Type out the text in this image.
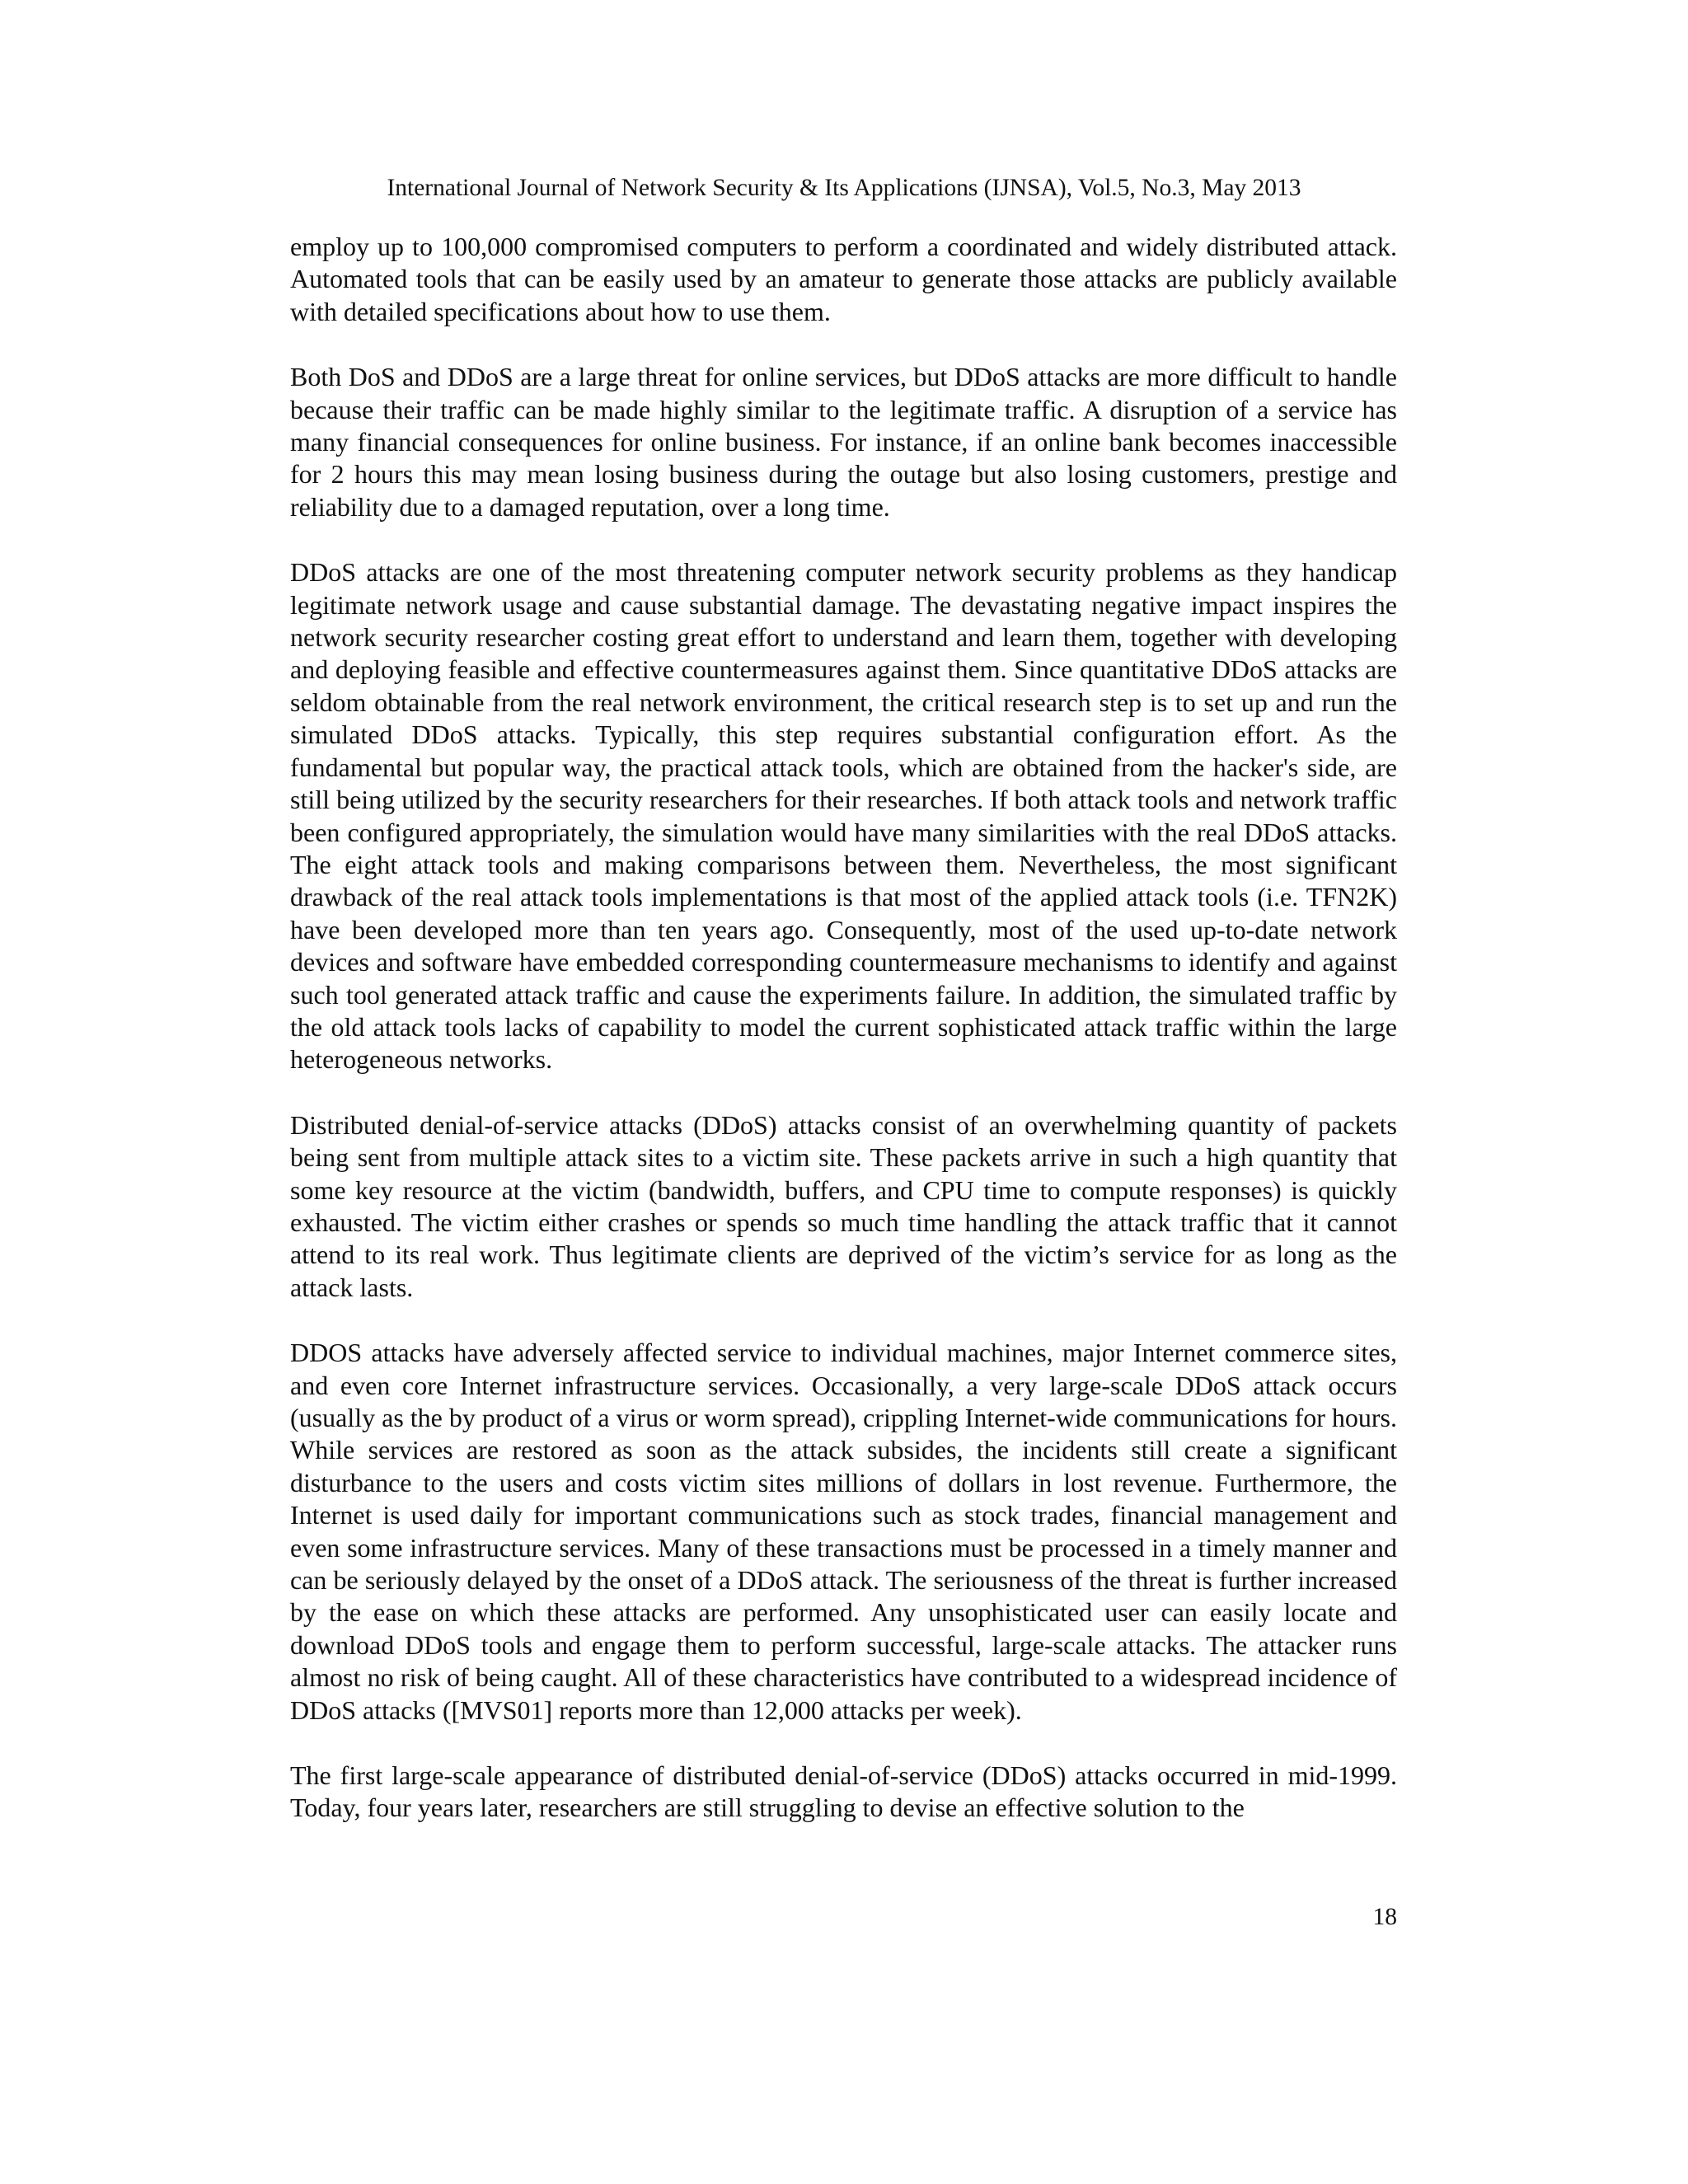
International Journal of Network Security & Its Applications (IJNSA), Vol.5, No.3, May 2013

employ up to 100,000 compromised computers to perform a coordinated and widely distributed attack. Automated tools that can be easily used by an amateur to generate those attacks are publicly available with detailed specifications about how to use them.

Both DoS and DDoS are a large threat for online services, but DDoS attacks are more difficult to handle because their traffic can be made highly similar to the legitimate traffic. A disruption of a service has many financial consequences for online business. For instance, if an online bank becomes inaccessible for 2 hours this may mean losing business during the outage but also losing customers, prestige and reliability due to a damaged reputation, over a long time.

DDoS attacks are one of the most threatening computer network security problems as they handicap legitimate network usage and cause substantial damage. The devastating negative impact inspires the network security researcher costing great effort to understand and learn them, together with developing and deploying feasible and effective countermeasures against them. Since quantitative DDoS attacks are seldom obtainable from the real network environment, the critical research step is to set up and run the simulated DDoS attacks. Typically, this step requires substantial configuration effort. As the fundamental but popular way, the practical attack tools, which are obtained from the hacker's side, are still being utilized by the security researchers for their researches. If both attack tools and network traffic been configured appropriately, the simulation would have many similarities with the real DDoS attacks. The eight attack tools and making comparisons between them. Nevertheless, the most significant drawback of the real attack tools implementations is that most of the applied attack tools (i.e. TFN2K) have been developed more than ten years ago. Consequently, most of the used up-to-date network devices and software have embedded corresponding countermeasure mechanisms to identify and against such tool generated attack traffic and cause the experiments failure. In addition, the simulated traffic by the old attack tools lacks of capability to model the current sophisticated attack traffic within the large heterogeneous networks.

Distributed denial-of-service attacks (DDoS) attacks consist of an overwhelming quantity of packets being sent from multiple attack sites to a victim site. These packets arrive in such a high quantity that some key resource at the victim (bandwidth, buffers, and CPU time to compute responses) is quickly exhausted. The victim either crashes or spends so much time handling the attack traffic that it cannot attend to its real work. Thus legitimate clients are deprived of the victim’s service for as long as the attack lasts.

DDOS attacks have adversely affected service to individual machines, major Internet commerce sites, and even core Internet infrastructure services. Occasionally, a very large-scale DDoS attack occurs (usually as the by product of a virus or worm spread), crippling Internet-wide communications for hours. While services are restored as soon as the attack subsides, the incidents still create a significant disturbance to the users and costs victim sites millions of dollars in lost revenue. Furthermore, the Internet is used daily for important communications such as stock trades, financial management and even some infrastructure services. Many of these transactions must be processed in a timely manner and can be seriously delayed by the onset of a DDoS attack. The seriousness of the threat is further increased by the ease on which these attacks are performed. Any unsophisticated user can easily locate and download DDoS tools and engage them to perform successful, large-scale attacks. The attacker runs almost no risk of being caught. All of these characteristics have contributed to a widespread incidence of DDoS attacks ([MVS01] reports more than 12,000 attacks per week).

The first large-scale appearance of distributed denial-of-service (DDoS) attacks occurred in mid-1999. Today, four years later, researchers are still struggling to devise an effective solution to the

18
